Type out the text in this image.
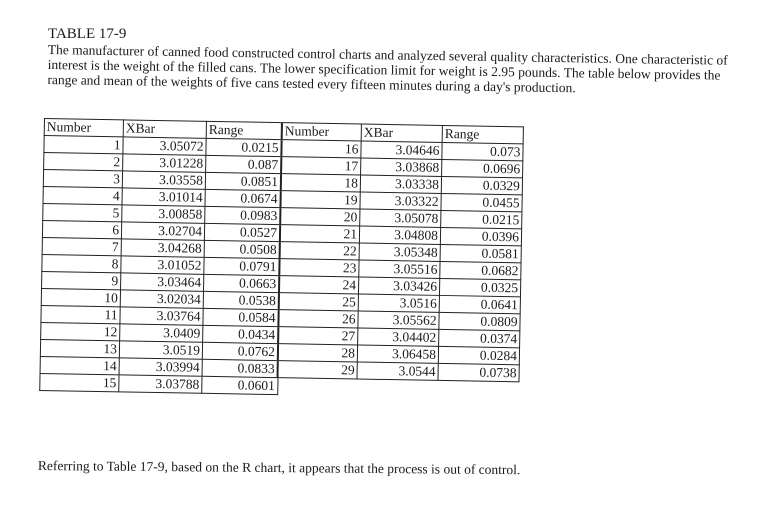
TABLE 17-9
The manufacturer of canned food constructed control charts and analyzed several quality characteristics. One characteristic of interest is the weight of the filled cans. The lower specification limit for weight is 2.95 pounds. The table below provides the range and mean of the weights of five cans tested every fifteen minutes during a day's production.
Number	XBar	Range	Number	XBar	Range
1	3.05072	0.0215	16	3.04646	0.073
2	3.01228	0.087	17	3.03868	0.0696
3	3.03558	0.0851	18	3.03338	0.0329
4	3.01014	0.0674	19	3.03322	0.0455
5	3.00858	0.0983	20	3.05078	0.0215
6	3.02704	0.0527	21	3.04808	0.0396
7	3.04268	0.0508	22	3.05348	0.0581
8	3.01052	0.0791	23	3.05516	0.0682
9	3.03464	0.0663	24	3.03426	0.0325
10	3.02034	0.0538	25	3.0516	0.0641
11	3.03764	0.0584	26	3.05562	0.0809
12	3.0409	0.0434	27	3.04402	0.0374
13	3.0519	0.0762	28	3.06458	0.0284
14	3.03994	0.0833	29	3.0544	0.0738
15	3.03788	0.0601			
Referring to Table 17-9, based on the R chart, it appears that the process is out of control.
